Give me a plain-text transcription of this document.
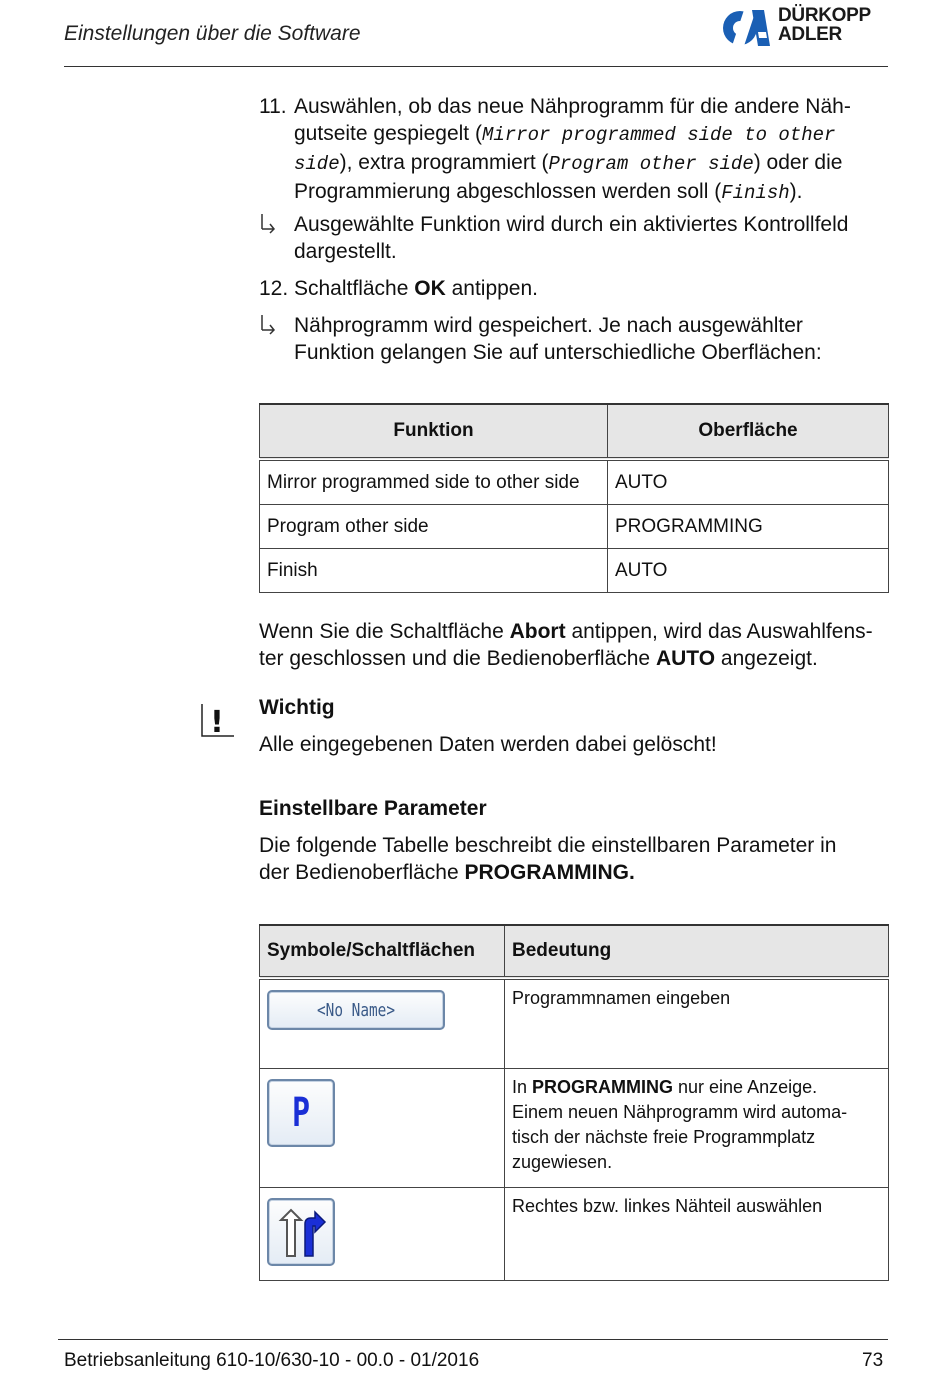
Einstellungen über die Software
DÜRKOPP
ADLER
11. Auswählen, ob das neue Nähprogramm für die andere Näh-
gutseite gespiegelt (Mirror programmed side to other
side), extra programmiert (Program other side) oder die
Programmierung abgeschlossen werden soll (Finish).
Ausgewählte Funktion wird durch ein aktiviertes Kontrollfeld
dargestellt.
12. Schaltfläche OK antippen.
Nähprogramm wird gespeichert. Je nach ausgewählter
Funktion gelangen Sie auf unterschiedliche Oberflächen:
Funktion	Oberfläche
Mirror programmed side to other side	AUTO
Program other side	PROGRAMMING
Finish	AUTO
Wenn Sie die Schaltfläche Abort antippen, wird das Auswahlfens-
ter geschlossen und die Bedienoberfläche AUTO angezeigt.
! Wichtig
Alle eingegebenen Daten werden dabei gelöscht!
Einstellbare Parameter
Die folgende Tabelle beschreibt die einstellbaren Parameter in
der Bedienoberfläche PROGRAMMING.
Symbole/Schaltflächen	Bedeutung

<No Name>	Programmnamen eingeben

P	In PROGRAMMING nur eine Anzeige.
Einem neuen Nähprogramm wird automa-
tisch der nächste freie Programmplatz
zugewiesen.

	Rechtes bzw. linkes Nähteil auswählen
Betriebsanleitung 610-10/630-10 - 00.0 - 01/2016	73
